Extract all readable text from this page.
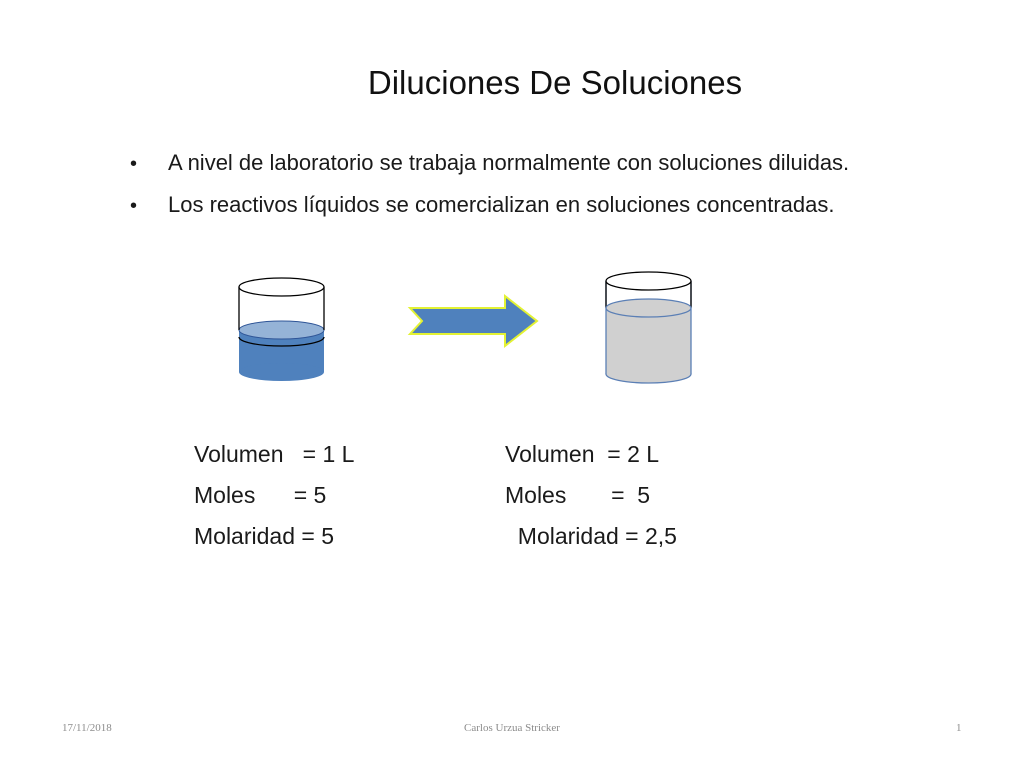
Diluciones De Soluciones
•	A nivel de laboratorio se trabaja normalmente con soluciones diluidas.
•	Los reactivos líquidos se comercializan en soluciones concentradas.
Volumen   = 1 L
Moles      = 5
Molaridad = 5
Volumen  = 2 L
Moles       =  5
Molaridad = 2,5
17/11/2018	Carlos Urzua Stricker	1
